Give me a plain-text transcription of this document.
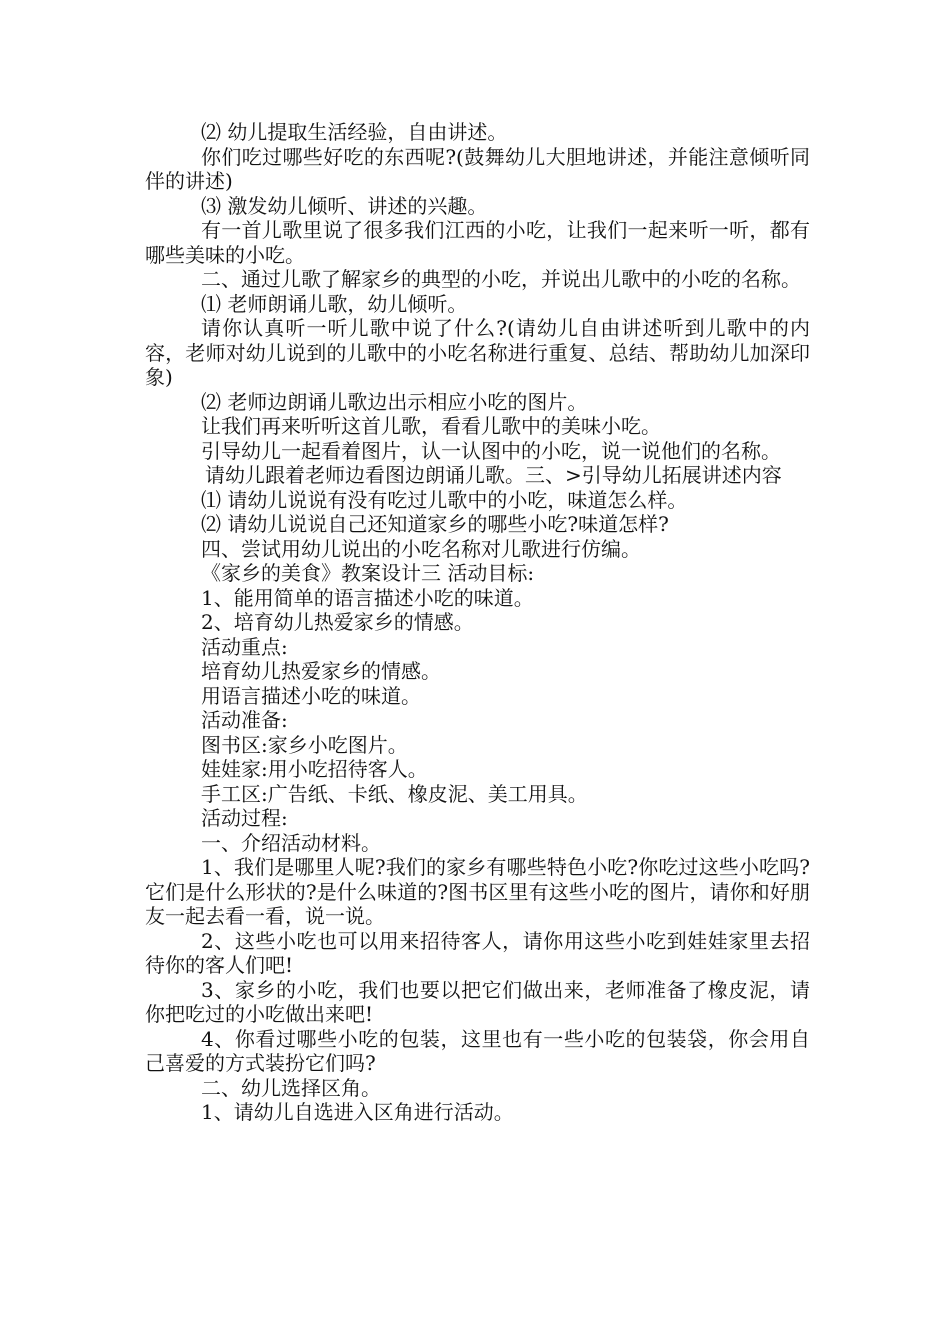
⑵ 幼儿提取生活经验，自由讲述。

你们吃过哪些好吃的东西呢?(鼓舞幼儿大胆地讲述，并能注意倾听同伴的讲述)

⑶ 激发幼儿倾听、讲述的兴趣。

有一首儿歌里说了很多我们江西的小吃，让我们一起来听一听，都有哪些美味的小吃。

二、通过儿歌了解家乡的典型的小吃，并说出儿歌中的小吃的名称。

⑴ 老师朗诵儿歌，幼儿倾听。

请你认真听一听儿歌中说了什么?(请幼儿自由讲述听到儿歌中的内容，老师对幼儿说到的儿歌中的小吃名称进行重复、总结、帮助幼儿加深印象)

⑵ 老师边朗诵儿歌边出示相应小吃的图片。

让我们再来听听这首儿歌，看看儿歌中的美味小吃。

引导幼儿一起看着图片，认一认图中的小吃，说一说他们的名称。

请幼儿跟着老师边看图边朗诵儿歌。三、>引导幼儿拓展讲述内容

⑴ 请幼儿说说有没有吃过儿歌中的小吃，味道怎么样。

⑵ 请幼儿说说自己还知道家乡的哪些小吃?味道怎样?

四、尝试用幼儿说出的小吃名称对儿歌进行仿编。

《家乡的美食》教案设计三 活动目标:

1、能用简单的语言描述小吃的味道。

2、培育幼儿热爱家乡的情感。

活动重点:

培育幼儿热爱家乡的情感。

用语言描述小吃的味道。

活动准备:

图书区:家乡小吃图片。

娃娃家:用小吃招待客人。

手工区:广告纸、卡纸、橡皮泥、美工用具。

活动过程:

一、介绍活动材料。

1、我们是哪里人呢?我们的家乡有哪些特色小吃?你吃过这些小吃吗?它们是什么形状的?是什么味道的?图书区里有这些小吃的图片，请你和好朋友一起去看一看，说一说。

2、这些小吃也可以用来招待客人，请你用这些小吃到娃娃家里去招待你的客人们吧!

3、家乡的小吃，我们也要以把它们做出来，老师准备了橡皮泥，请你把吃过的小吃做出来吧!

4、你看过哪些小吃的包装，这里也有一些小吃的包装袋，你会用自己喜爱的方式装扮它们吗?

二、幼儿选择区角。

1、请幼儿自选进入区角进行活动。
